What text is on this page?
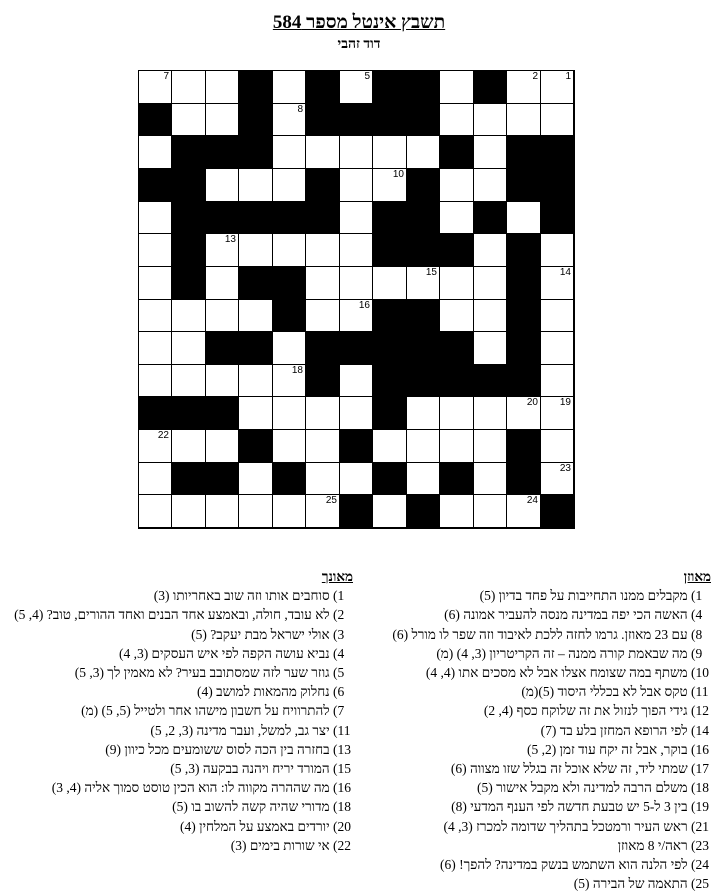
תשבץ אינטל מספר 584
דוד זהבי
1
2
3
4
5
6
7
8
9
10
11
12
13
14
15
16
17
18
19
20
21
22
23
24
25
מאוזן
1) מקבלים ממנו התחייבות על פחד בדיון (5)
4) האשה הכי יפה במדינה מנסה להעביר אמונה (6)
8) עם 23 מאוזן. גרמו לחזה ללכת לאיבוד וזה שפר לו מורל (6)
9) מה שבאמת קורה ממנה – זה הקריטריון (3, 4) (מ)
10) משתף במה שצומח אצלו אבל לא מסכים אתו (4, 4)
11) טקס אבל לא בכללי היסוד (5)(מ)
12) גידי הפוך לנזול את זה שלוקח כסף (4, 2)
14) לפי הרופא המחזן בלע בד (7)
16) בוקר, אבל זה יקח עוד זמן (2, 5)
17) שמתי ליד, זה שלא אוכל זה בגלל שזו מצווה (6)
18) משלם הרבה למדינה ולא מקבל אישור (5)
19) בין 3 ל-5 יש טבעת חדשה לפי הענף המדעי (8)
21) ראש העיר ורמטכל בתהליך שדומה למכרז (3, 4)
23) ראה/י 8 מאוזן
24) לפי הלנה הוא השתמש בנשק במדינה? להפך! (6)
25) התאמה של הבירה (5)
מאונך
1) סוחבים אותו וזה שוב באחריותו (3)
2) לא עובד, חולה, ובאמצע אחד הבנים ואחד ההורים, טוב? (4, 5)
3) אולי ישראל מבת יעקב? (5)
4) נביא עושה הקפה לפי איש העסקים (3, 4)
5) גוזר שער לזה שמסתובב בעיר? לא מאמין לך (3, 5)
6) נחלוק מהמאות למושב (4)
7) להתרוויח על חשבון מישהו אחר ולטייל (5, 5) (מ)
11) יצר גב, למשל, ועבר מדינה (3, 2, 5)
13) בחזרה בין הכה לסוס ששומעים מכל כיוון (9)
15) המורד יריח ויהנה בבקעה (3, 5)
16) מה שההרה מקווה לו: הוא הכין טוסט סמוך אליה (4, 3)
18) מדורי שהיה קשה להשוב בו (5)
20) יורדים באמצע על המלחין (4)
22) אי שורות בימים (3)
